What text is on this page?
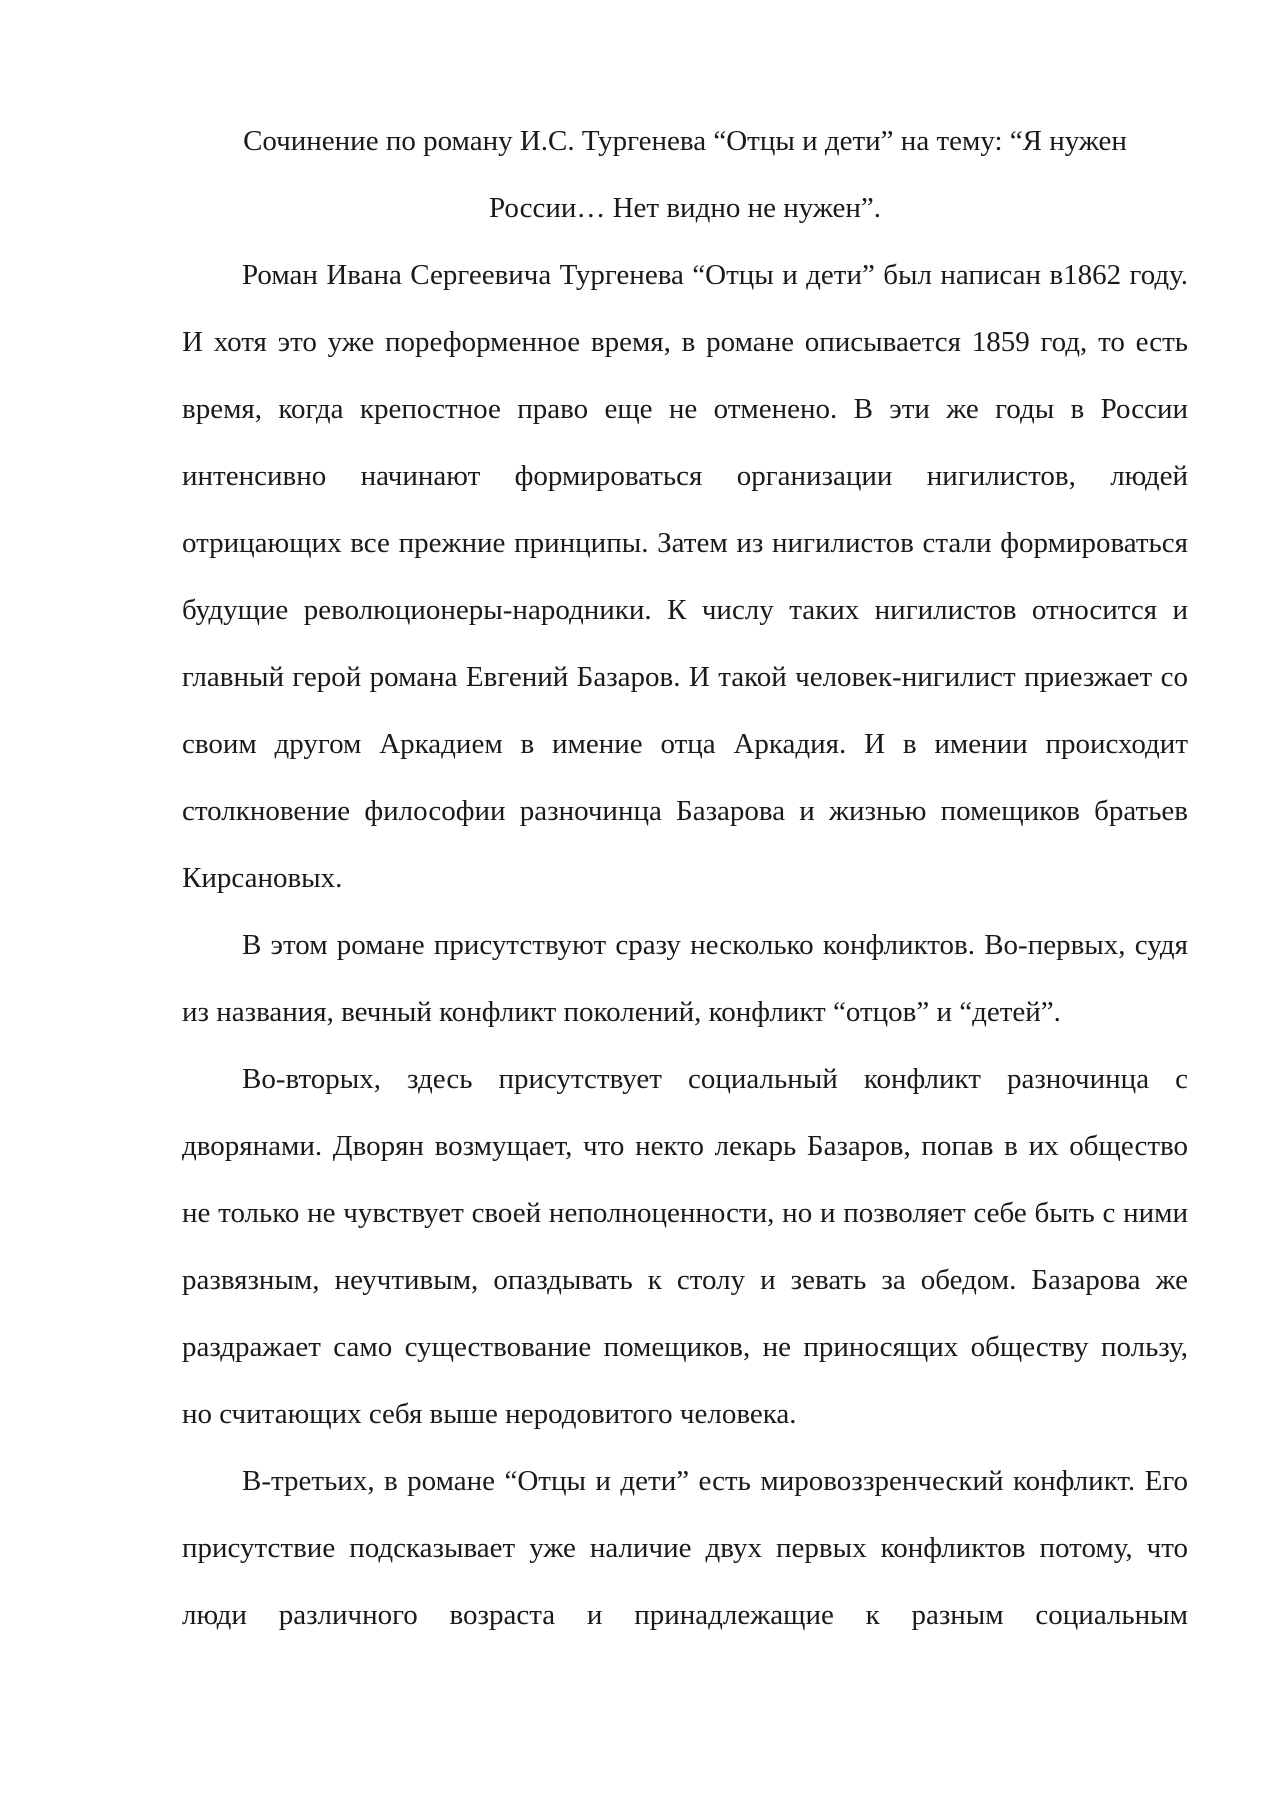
Сочинение по роману И.С. Тургенева “Отцы и дети” на тему: “Я нужен России… Нет видно не нужен”.

Роман Ивана Сергеевича Тургенева “Отцы и дети” был написан в1862 году. И хотя это уже пореформенное время, в романе описывается 1859 год, то есть время, когда крепостное право еще не отменено. В эти же годы в России интенсивно начинают формироваться организации нигилистов, людей отрицающих все прежние принципы. Затем из нигилистов стали формироваться будущие революционеры-народники. К числу таких нигилистов относится и главный герой романа Евгений Базаров. И такой человек-нигилист приезжает со своим другом Аркадием в имение отца Аркадия. И в имении происходит столкновение философии разночинца Базарова и жизнью помещиков братьев Кирсановых.

В этом романе присутствуют сразу несколько конфликтов. Во-первых, судя из названия, вечный конфликт поколений, конфликт “отцов” и “детей”.

Во-вторых, здесь присутствует социальный конфликт разночинца с дворянами. Дворян возмущает, что некто лекарь Базаров, попав в их общество не только не чувствует своей неполноценности, но и позволяет себе быть с ними развязным, неучтивым, опаздывать к столу и зевать за обедом. Базарова же раздражает само существование помещиков, не приносящих обществу пользу, но считающих себя выше неродовитого человека.

В-третьих, в романе “Отцы и дети” есть мировоззренческий конфликт. Его присутствие подсказывает уже наличие двух первых конфликтов потому, что люди различного возраста и принадлежащие к разным социальным
